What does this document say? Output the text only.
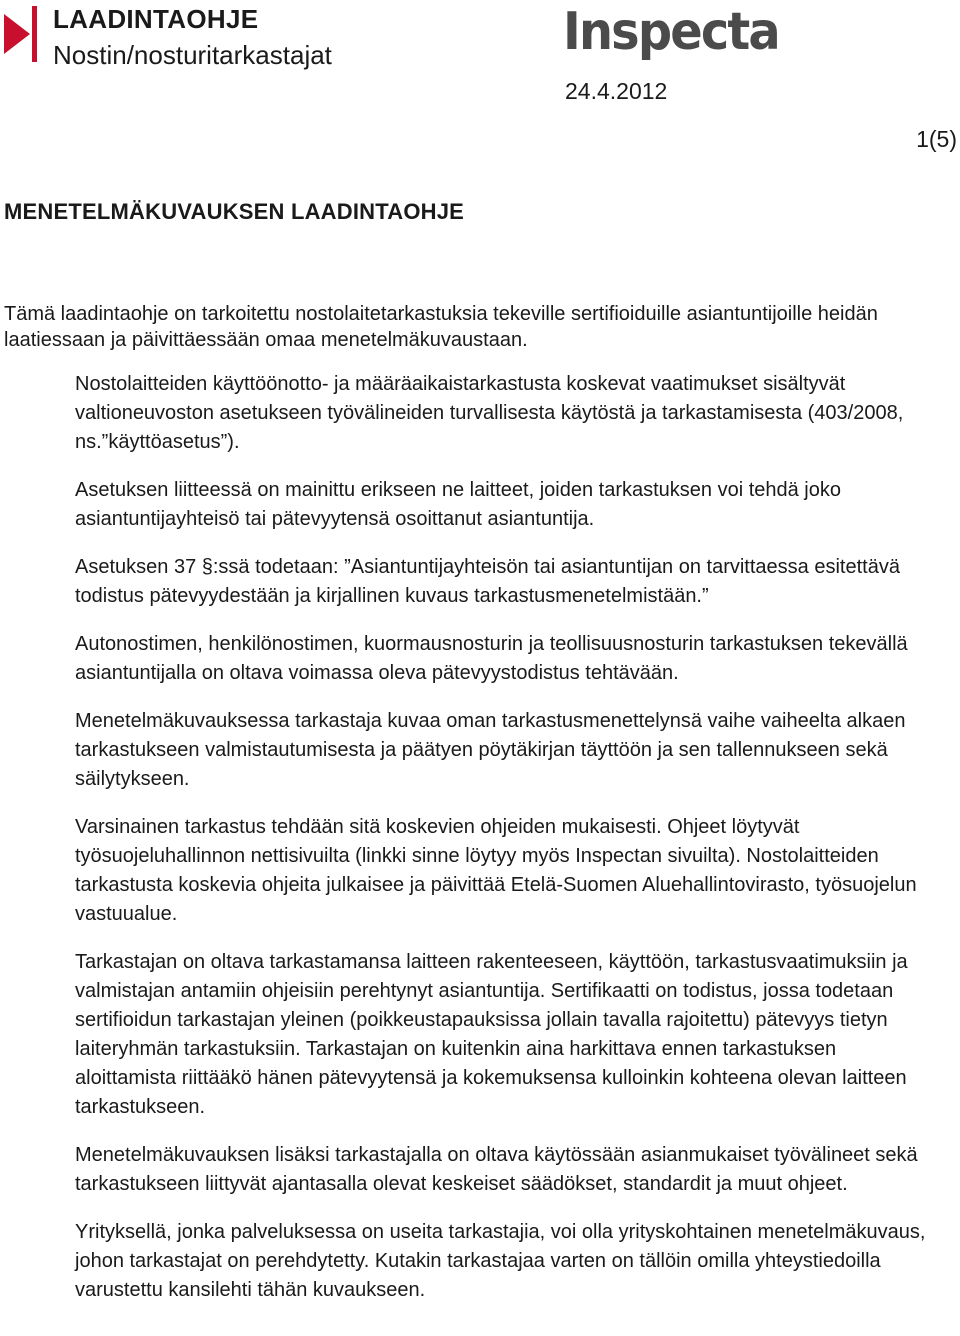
LAADINTAOHJE
Nostin/nosturitarkastajat	Inspecta
24.4.2012
1(5)
MENETELMÄKUVAUKSEN LAADINTAOHJE

Tämä laadintaohje on tarkoitettu nostolaitetarkastuksia tekeville sertifioiduille asiantuntijoille heidän laatiessaan ja päivittäessään omaa menetelmäkuvaustaan.

Nostolaitteiden käyttöönotto- ja määräaikaistarkastusta koskevat vaatimukset sisältyvät valtioneuvoston asetukseen työvälineiden turvallisesta käytöstä ja tarkastamisesta (403/2008, ns.”käyttöasetus”).

Asetuksen liitteessä on mainittu erikseen ne laitteet, joiden tarkastuksen voi tehdä joko asiantuntijayhteisö tai pätevyytensä osoittanut asiantuntija.

Asetuksen 37 §:ssä todetaan: ”Asiantuntijayhteisön tai asiantuntijan on tarvittaessa esitettävä todistus pätevyydestään ja kirjallinen kuvaus tarkastusmenetelmistään.”

Autonostimen, henkilönostimen, kuormausnosturin ja teollisuusnosturin tarkastuksen tekevällä asiantuntijalla on oltava voimassa oleva pätevyystodistus tehtävään.

Menetelmäkuvauksessa tarkastaja kuvaa oman tarkastusmenettelynsä vaihe vaiheelta alkaen tarkastukseen valmistautumisesta ja päätyen pöytäkirjan täyttöön ja sen tallennukseen sekä säilytykseen.

Varsinainen tarkastus tehdään sitä koskevien ohjeiden mukaisesti. Ohjeet löytyvät työsuojeluhallinnon nettisivuilta (linkki sinne löytyy myös Inspectan sivuilta). Nostolaitteiden tarkastusta koskevia ohjeita julkaisee ja päivittää Etelä-Suomen Aluehallintovirasto, työsuojelun vastuualue.

Tarkastajan on oltava tarkastamansa laitteen rakenteeseen, käyttöön, tarkastusvaatimuksiin ja valmistajan antamiin ohjeisiin perehtynyt asiantuntija. Sertifikaatti on todistus, jossa todetaan sertifioidun tarkastajan yleinen (poikkeustapauksissa jollain tavalla rajoitettu) pätevyys tietyn laiteryhmän tarkastuksiin. Tarkastajan on kuitenkin aina harkittava ennen tarkastuksen aloittamista riittääkö hänen pätevyytensä ja kokemuksensa kulloinkin kohteena olevan laitteen tarkastukseen.

Menetelmäkuvauksen lisäksi tarkastajalla on oltava käytössään asianmukaiset työvälineet sekä tarkastukseen liittyvät ajantasalla olevat keskeiset säädökset, standardit ja muut ohjeet.

Yrityksellä, jonka palveluksessa on useita tarkastajia, voi olla yrityskohtainen menetelmäkuvaus, johon tarkastajat on perehdytetty. Kutakin tarkastajaa varten on tällöin omilla yhteystiedoilla varustettu kansilehti tähän kuvaukseen.
